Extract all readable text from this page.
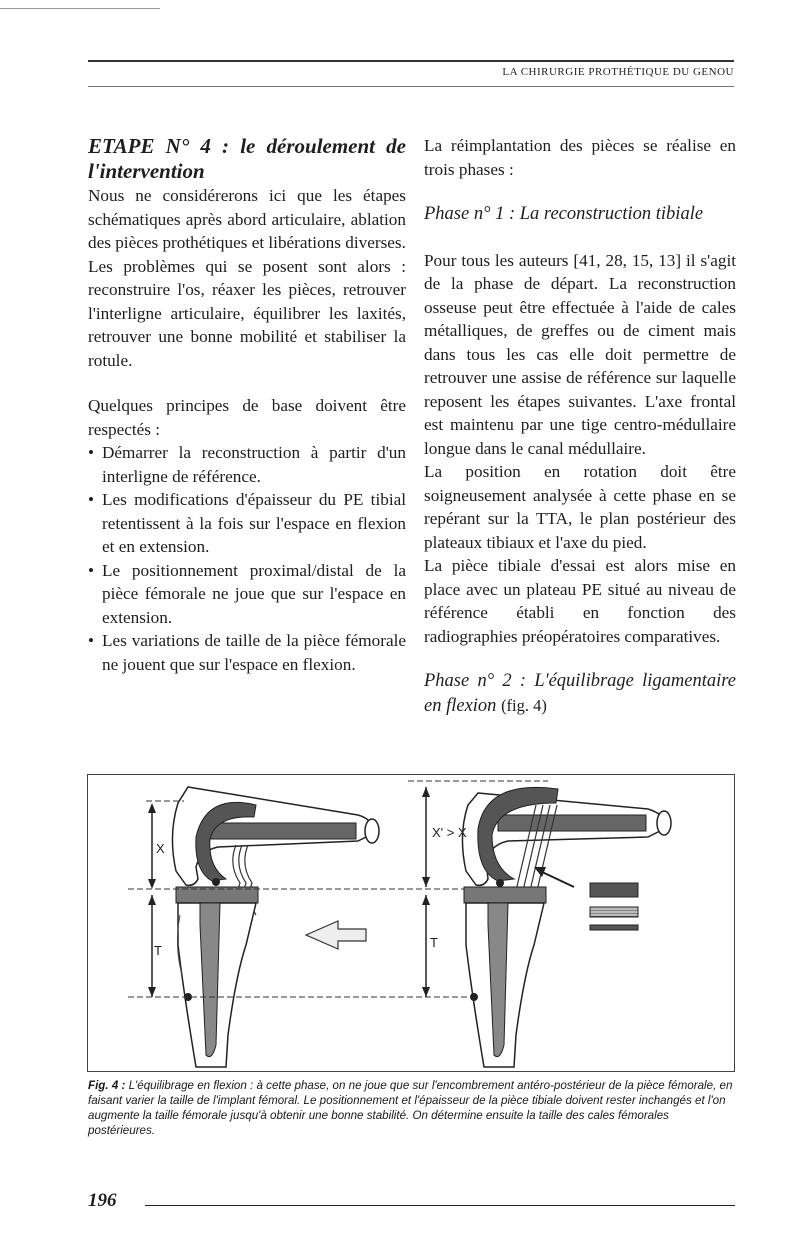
LA CHIRURGIE PROTHÉTIQUE DU GENOU

ETAPE N° 4 : le déroulement de l'intervention

Nous ne considérerons ici que les étapes schématiques après abord articulaire, ablation des pièces prothétiques et libérations diverses.

Les problèmes qui se posent sont alors : reconstruire l'os, réaxer les pièces, retrouver l'interligne articulaire, équilibrer les laxités, retrouver une bonne mobilité et stabiliser la rotule.

Quelques principes de base doivent être respectés :

• Démarrer la reconstruction à partir d'un interligne de référence.
• Les modifications d'épaisseur du PE tibial retentissent à la fois sur l'espace en flexion et en extension.
• Le positionnement proximal/distal de la pièce fémorale ne joue que sur l'espace en extension.
• Les variations de taille de la pièce fémorale ne jouent que sur l'espace en flexion.

La réimplantation des pièces se réalise en trois phases :

Phase n° 1 : La reconstruction tibiale

Pour tous les auteurs [41, 28, 15, 13] il s'agit de la phase de départ. La reconstruction osseuse peut être effectuée à l'aide de cales métalliques, de greffes ou de ciment mais dans tous les cas elle doit permettre de retrouver une assise de référence sur laquelle reposent les étapes suivantes. L'axe frontal est maintenu par une tige centro-médullaire longue dans le canal médullaire.

La position en rotation doit être soigneusement analysée à cette phase en se repérant sur la TTA, le plan postérieur des plateaux tibiaux et l'axe du pied.

La pièce tibiale d'essai est alors mise en place avec un plateau PE situé au niveau de référence établi en fonction des radiographies préopératoires comparatives.

Phase n° 2 : L'équilibrage ligamentaire en flexion (fig. 4)

X
T
X' > X
T
Fig. 4 : L'équilibrage en flexion : à cette phase, on ne joue que sur l'encombrement antéro-postérieur de la pièce fémorale, en faisant varier la taille de l'implant fémoral. Le positionnement et l'épaisseur de la pièce tibiale doivent rester inchangés et l'on augmente la taille fémorale jusqu'à obtenir une bonne stabilité. On détermine ensuite la taille des cales fémorales postérieures.
196
